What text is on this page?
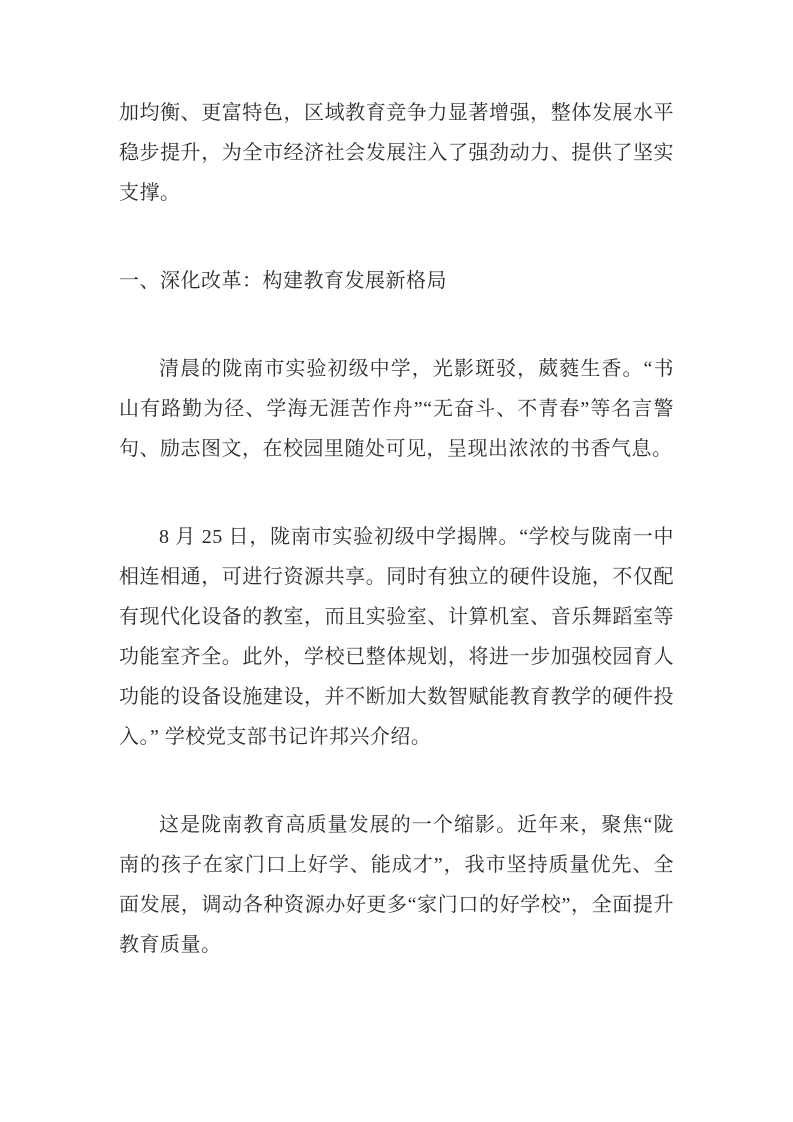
加均衡、更富特色，区域教育竞争力显著增强，整体发展水平稳步提升，为全市经济社会发展注入了强劲动力、提供了坚实支撑。

一、深化改革：构建教育发展新格局

清晨的陇南市实验初级中学，光影斑驳，葳蕤生香。“书山有路勤为径、学海无涯苦作舟”“无奋斗、不青春”等名言警句、励志图文，在校园里随处可见，呈现出浓浓的书香气息。

8 月 25 日，陇南市实验初级中学揭牌。“学校与陇南一中相连相通，可进行资源共享。同时有独立的硬件设施，不仅配有现代化设备的教室，而且实验室、计算机室、音乐舞蹈室等功能室齐全。此外，学校已整体规划，将进一步加强校园育人功能的设备设施建设，并不断加大数智赋能教育教学的硬件投入。” 学校党支部书记许邦兴介绍。

这是陇南教育高质量发展的一个缩影。近年来，聚焦“陇南的孩子在家门口上好学、能成才”，我市坚持质量优先、全面发展，调动各种资源办好更多“家门口的好学校”，全面提升教育质量。
